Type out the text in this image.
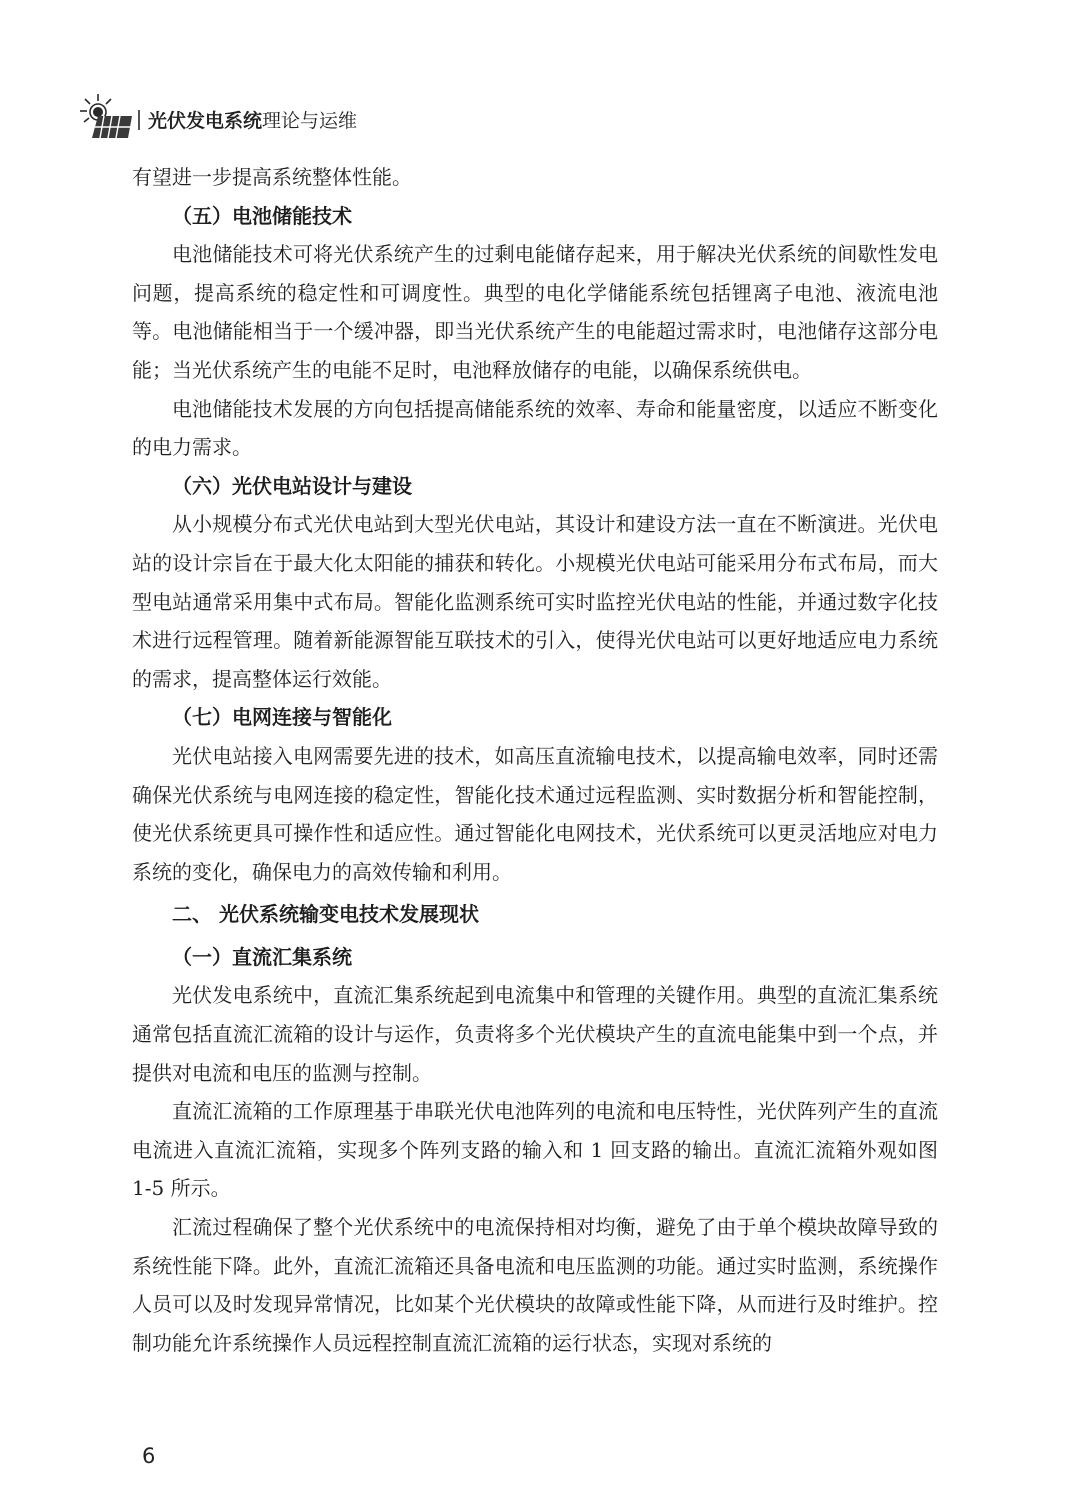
光伏发电系统理论与运维

有望进一步提高系统整体性能。

（五）电池储能技术

电池储能技术可将光伏系统产生的过剩电能储存起来，用于解决光伏系统的间歇性发电问题，提高系统的稳定性和可调度性。典型的电化学储能系统包括锂离子电池、液流电池等。电池储能相当于一个缓冲器，即当光伏系统产生的电能超过需求时，电池储存这部分电能；当光伏系统产生的电能不足时，电池释放储存的电能，以确保系统供电。

电池储能技术发展的方向包括提高储能系统的效率、寿命和能量密度，以适应不断变化的电力需求。

（六）光伏电站设计与建设

从小规模分布式光伏电站到大型光伏电站，其设计和建设方法一直在不断演进。光伏电站的设计宗旨在于最大化太阳能的捕获和转化。小规模光伏电站可能采用分布式布局，而大型电站通常采用集中式布局。智能化监测系统可实时监控光伏电站的性能，并通过数字化技术进行远程管理。随着新能源智能互联技术的引入，使得光伏电站可以更好地适应电力系统的需求，提高整体运行效能。

（七）电网连接与智能化

光伏电站接入电网需要先进的技术，如高压直流输电技术，以提高输电效率，同时还需确保光伏系统与电网连接的稳定性，智能化技术通过远程监测、实时数据分析和智能控制，使光伏系统更具可操作性和适应性。通过智能化电网技术，光伏系统可以更灵活地应对电力系统的变化，确保电力的高效传输和利用。

二、 光伏系统输变电技术发展现状
（一）直流汇集系统

光伏发电系统中，直流汇集系统起到电流集中和管理的关键作用。典型的直流汇集系统通常包括直流汇流箱的设计与运作，负责将多个光伏模块产生的直流电能集中到一个点，并提供对电流和电压的监测与控制。

直流汇流箱的工作原理基于串联光伏电池阵列的电流和电压特性，光伏阵列产生的直流电流进入直流汇流箱，实现多个阵列支路的输入和 1 回支路的输出。直流汇流箱外观如图 1-5 所示。

汇流过程确保了整个光伏系统中的电流保持相对均衡，避免了由于单个模块故障导致的系统性能下降。此外，直流汇流箱还具备电流和电压监测的功能。通过实时监测，系统操作人员可以及时发现异常情况，比如某个光伏模块的故障或性能下降，从而进行及时维护。控制功能允许系统操作人员远程控制直流汇流箱的运行状态，实现对系统的

6
